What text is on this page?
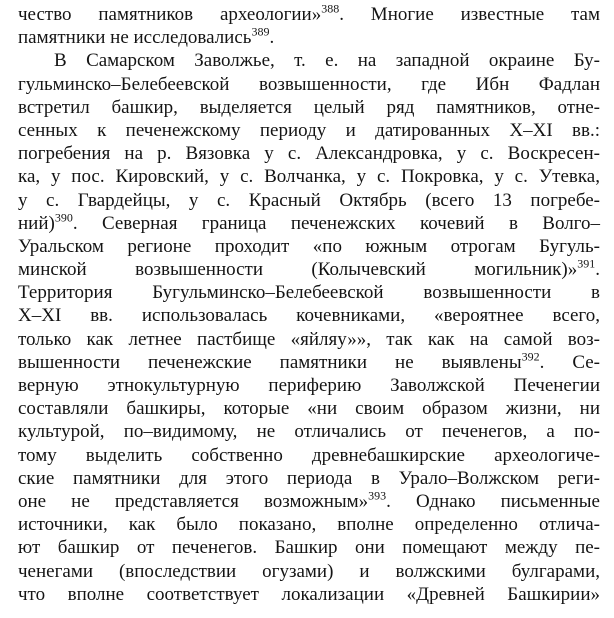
чество памятников археологии»$^{388}$. Многие известные там
памятники не исследовались$^{389}$.
В Самарском Заволжье, т. е. на западной окраине Бу-
гульминско–Белебеевской возвышенности, где Ибн Фадлан
встретил башкир, выделяется целый ряд памятников, отне-
сенных к печенежскому периоду и датированных X–XI вв.:
погребения на р. Вязовка у с. Александровка, у с. Воскресен-
ка, у пос. Кировский, у с. Волчанка, у с. Покровка, у с. Утевка,
у с. Гвардейцы, у с. Красный Октябрь (всего 13 погребе-
ний)$^{390}$. Северная граница печенежских кочевий в Волго–
Уральском регионе проходит «по южным отрогам Бугуль-
минской возвышенности (Колычевский могильник)»$^{391}$.
Территория Бугульминско–Белебеевской возвышенности в
X–XI вв. использовалась кочевниками, «вероятнее всего,
только как летнее пастбище «яйляу»», так как на самой воз-
вышенности печенежские памятники не выявлены$^{392}$. Се-
верную этнокультурную периферию Заволжской Печенегии
составляли башкиры, которые «ни своим образом жизни, ни
культурой, по–видимому, не отличались от печенегов, а по-
тому выделить собственно древнебашкирские археологиче-
ские памятники для этого периода в Урало–Волжском реги-
оне не представляется возможным»$^{393}$. Однако письменные
источники, как было показано, вполне определенно отлича-
ют башкир от печенегов. Башкир они помещают между пе-
ченегами (впоследствии огузами) и волжскими булгарами,
что вполне соответствует локализации «Древней Башкирии»
